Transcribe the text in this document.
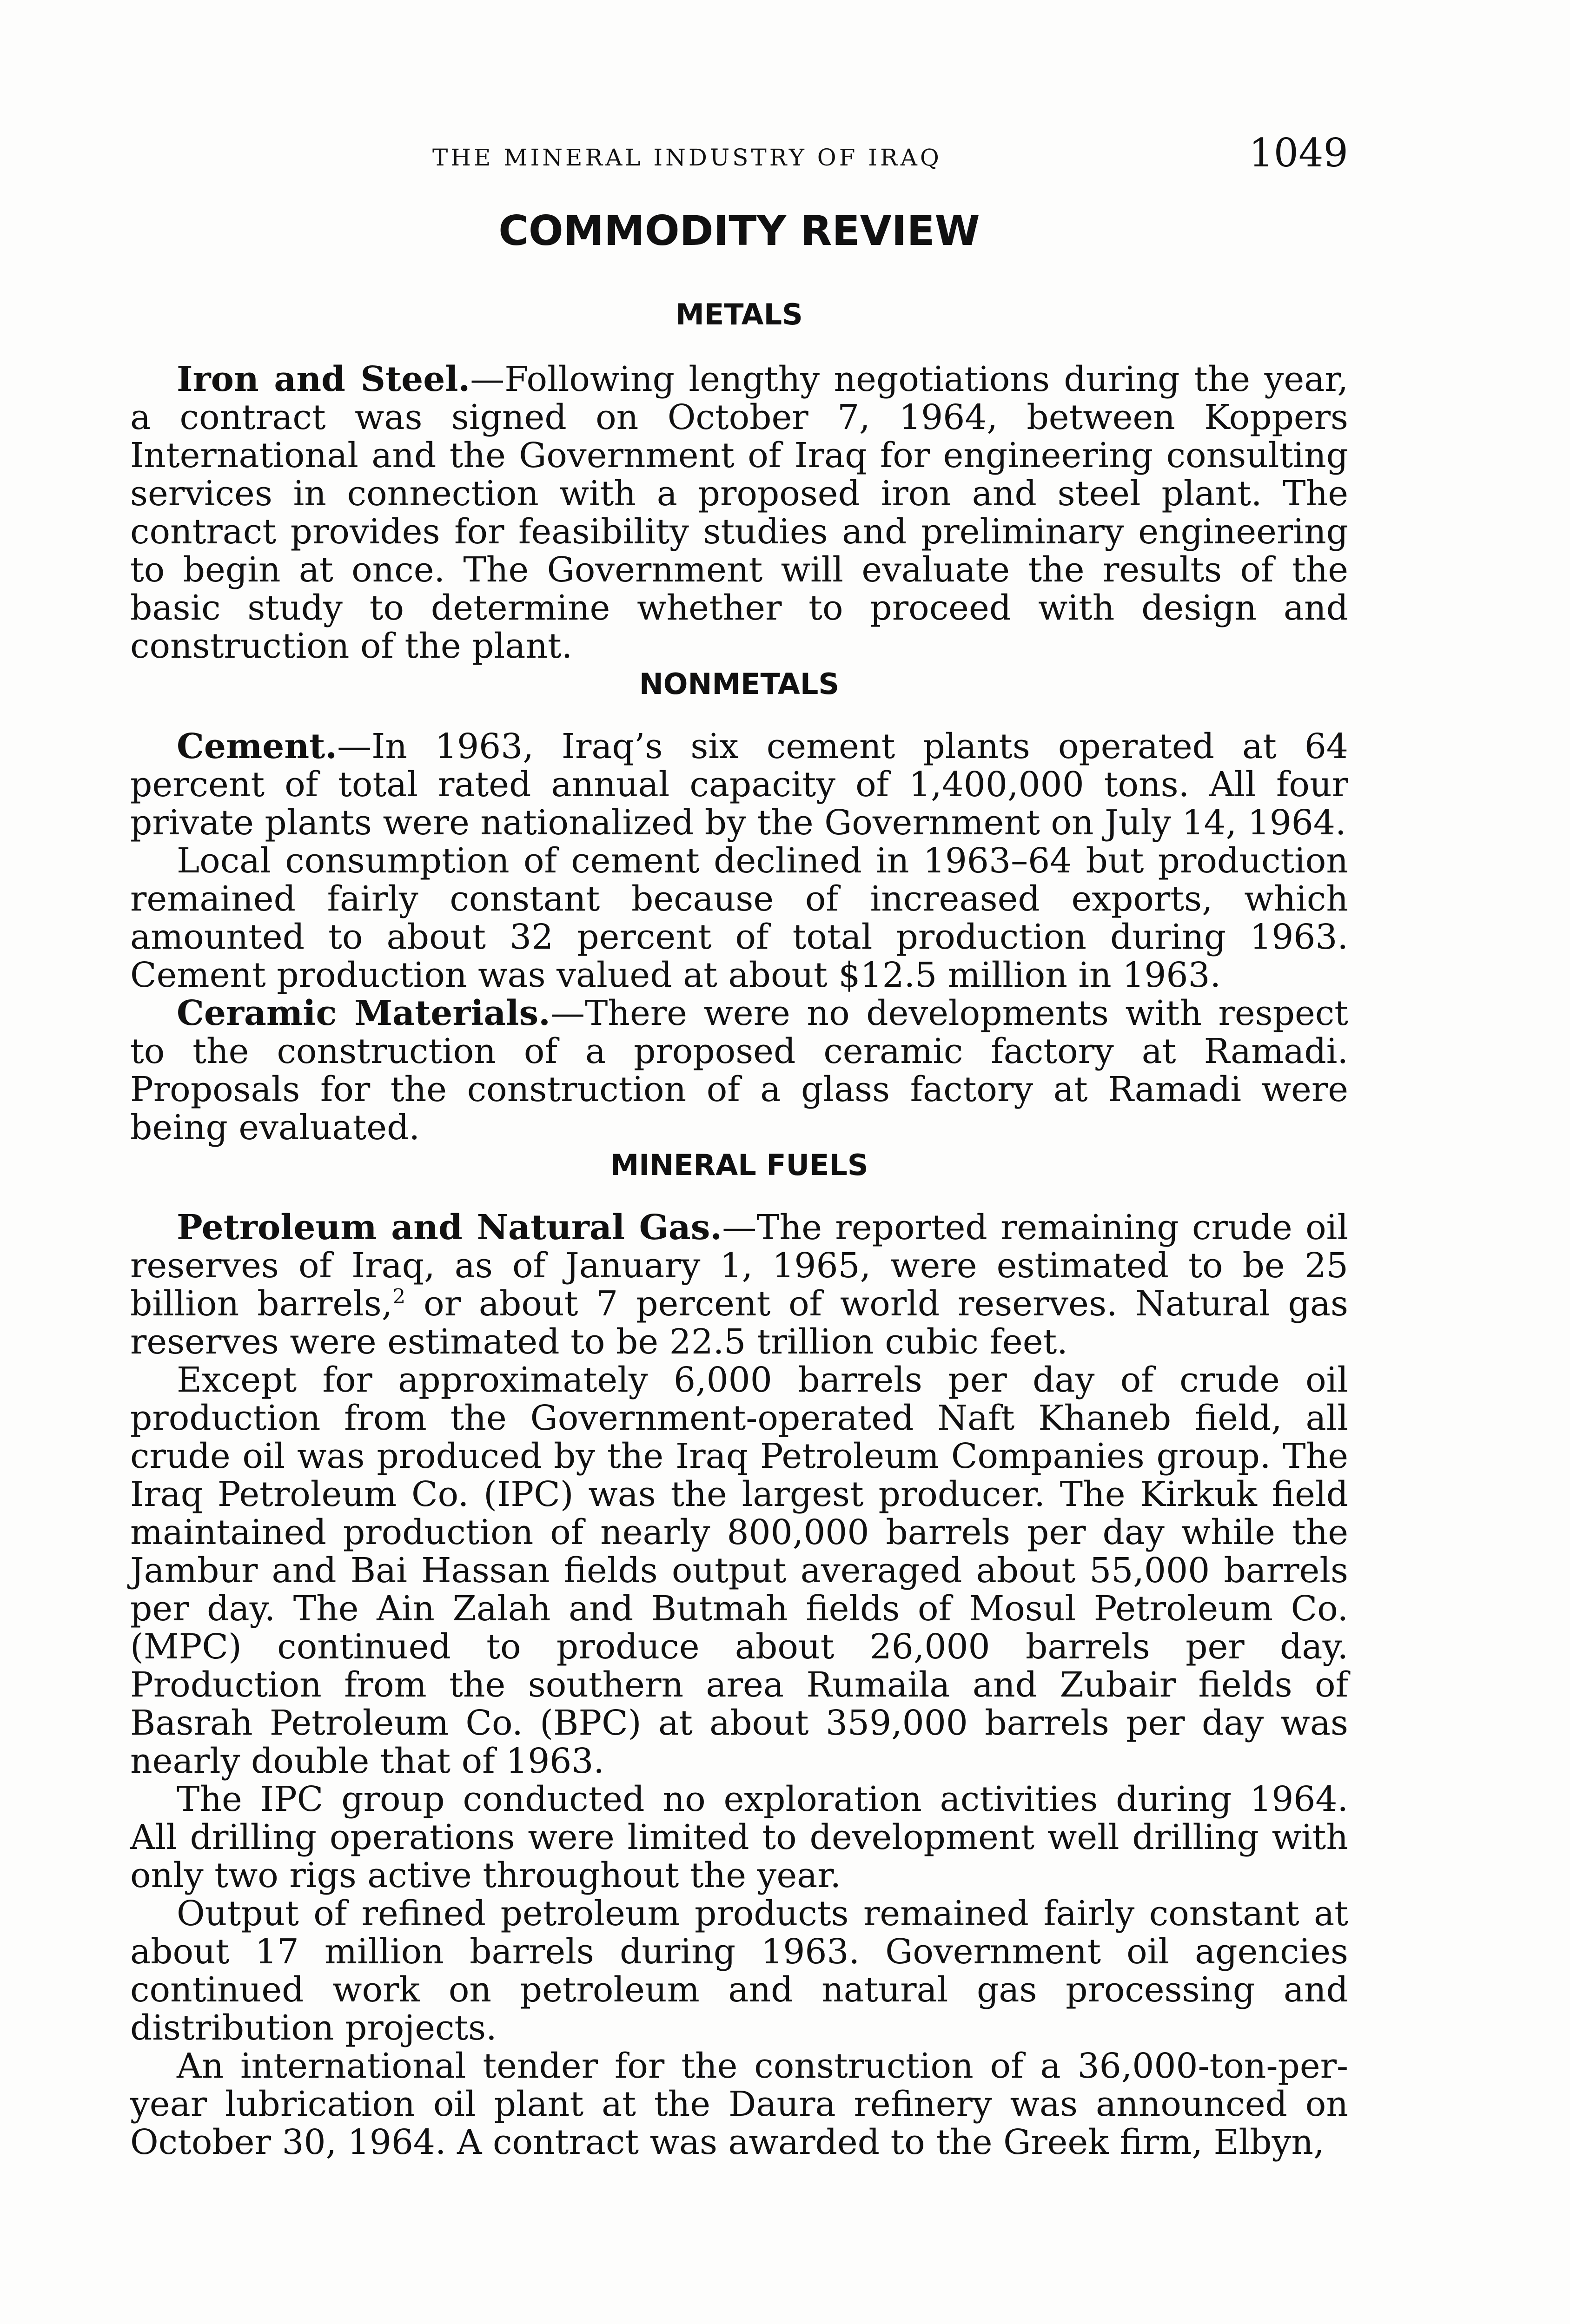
THE MINERAL INDUSTRY OF IRAQ	1049
COMMODITY REVIEW
METALS

Iron and Steel.—Following lengthy negotiations during the year, a contract was signed on October 7, 1964, between Koppers International and the Government of Iraq for engineering consulting services in connection with a proposed iron and steel plant. The contract provides for feasibility studies and preliminary engineering to begin at once. The Government will evaluate the results of the basic study to determine whether to proceed with design and construction of the plant.

NONMETALS

Cement.—In 1963, Iraq’s six cement plants operated at 64 percent of total rated annual capacity of 1,400,000 tons. All four private plants were nationalized by the Government on July 14, 1964.

Local consumption of cement declined in 1963–64 but production remained fairly constant because of increased exports, which amounted to about 32 percent of total production during 1963. Cement production was valued at about $12.5 million in 1963.

Ceramic Materials.—There were no developments with respect to the construction of a proposed ceramic factory at Ramadi. Proposals for the construction of a glass factory at Ramadi were being evaluated.

MINERAL FUELS

Petroleum and Natural Gas.—The reported remaining crude oil reserves of Iraq, as of January 1, 1965, were estimated to be 25 billion barrels,$^2$ or about 7 percent of world reserves. Natural gas reserves were estimated to be 22.5 trillion cubic feet.

Except for approximately 6,000 barrels per day of crude oil production from the Government-operated Naft Khaneb field, all crude oil was produced by the Iraq Petroleum Companies group. The Iraq Petroleum Co. (IPC) was the largest producer. The Kirkuk field maintained production of nearly 800,000 barrels per day while the Jambur and Bai Hassan fields output averaged about 55,000 barrels per day. The Ain Zalah and Butmah fields of Mosul Petroleum Co. (MPC) continued to produce about 26,000 barrels per day. Production from the southern area Rumaila and Zubair fields of Basrah Petroleum Co. (BPC) at about 359,000 barrels per day was nearly double that of 1963.

The IPC group conducted no exploration activities during 1964. All drilling operations were limited to development well drilling with only two rigs active throughout the year.

Output of refined petroleum products remained fairly constant at about 17 million barrels during 1963. Government oil agencies continued work on petroleum and natural gas processing and distribution projects.

An international tender for the construction of a 36,000-ton-per-year lubrication oil plant at the Daura refinery was announced on October 30, 1964. A contract was awarded to the Greek firm, Elbyn,
